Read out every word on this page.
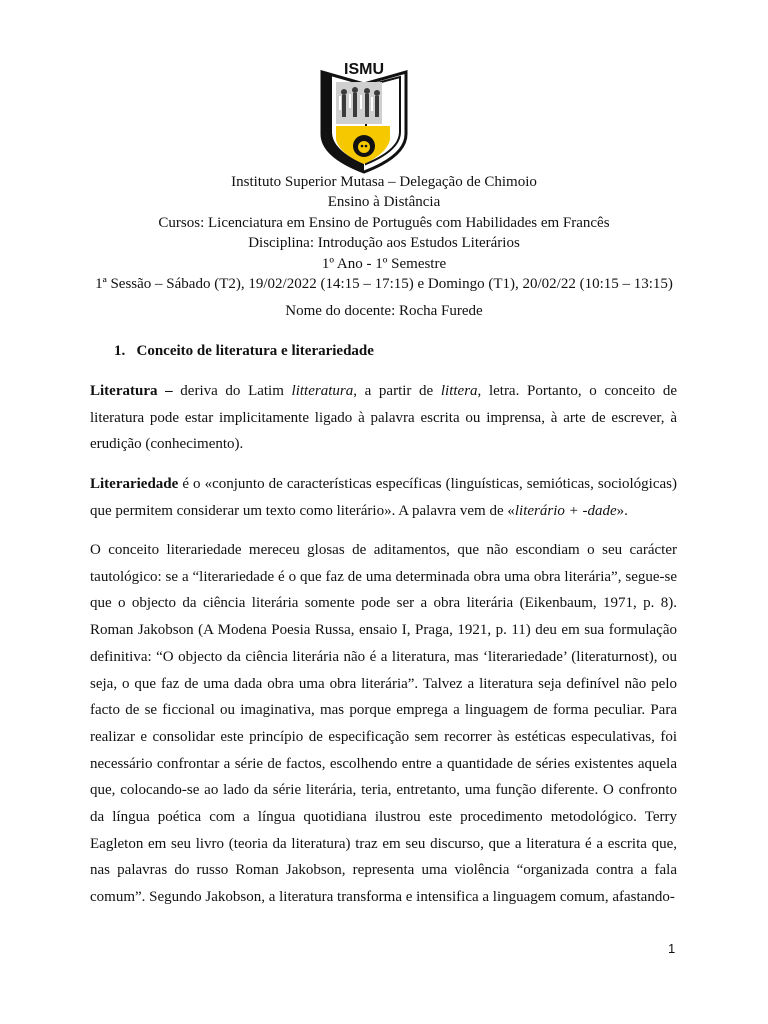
ISMU
Instituto Superior Mutasa – Delegação de Chimoio
Ensino à Distância
Cursos: Licenciatura em Ensino de Português com Habilidades em Francês
Disciplina: Introdução aos Estudos Literários
1º Ano - 1º Semestre
1ª Sessão – Sábado (T2), 19/02/2022 (14:15 – 17:15) e Domingo (T1), 20/02/22 (10:15 – 13:15)
Nome do docente: Rocha Furede
1. Conceito de literatura e literariedade

Literatura – deriva do Latim litteratura, a partir de littera, letra. Portanto, o conceito de literatura pode estar implicitamente ligado à palavra escrita ou imprensa, à arte de escrever, à erudição (conhecimento).

Literariedade é o «conjunto de características específicas (linguísticas, semióticas, sociológicas) que permitem considerar um texto como literário». A palavra vem de «literário + -dade».

O conceito literariedade mereceu glosas de aditamentos, que não escondiam o seu carácter tautológico: se a “literariedade é o que faz de uma determinada obra uma obra literária”, segue-se que o objecto da ciência literária somente pode ser a obra literária (Eikenbaum, 1971, p. 8). Roman Jakobson (A Modena Poesia Russa, ensaio I, Praga, 1921, p. 11) deu em sua formulação definitiva: “O objecto da ciência literária não é a literatura, mas ‘literariedade’ (literaturnost), ou seja, o que faz de uma dada obra uma obra literária”. Talvez a literatura seja definível não pelo facto de se ficcional ou imaginativa, mas porque emprega a linguagem de forma peculiar. Para realizar e consolidar este princípio de especificação sem recorrer às estéticas especulativas, foi necessário confrontar a série de factos, escolhendo entre a quantidade de séries existentes aquela que, colocando-se ao lado da série literária, teria, entretanto, uma função diferente. O confronto da língua poética com a língua quotidiana ilustrou este procedimento metodológico. Terry Eagleton em seu livro (teoria da literatura) traz em seu discurso, que a literatura é a escrita que, nas palavras do russo Roman Jakobson, representa uma violência “organizada contra a fala comum”. Segundo Jakobson, a literatura transforma e intensifica a linguagem comum, afastando-

1
